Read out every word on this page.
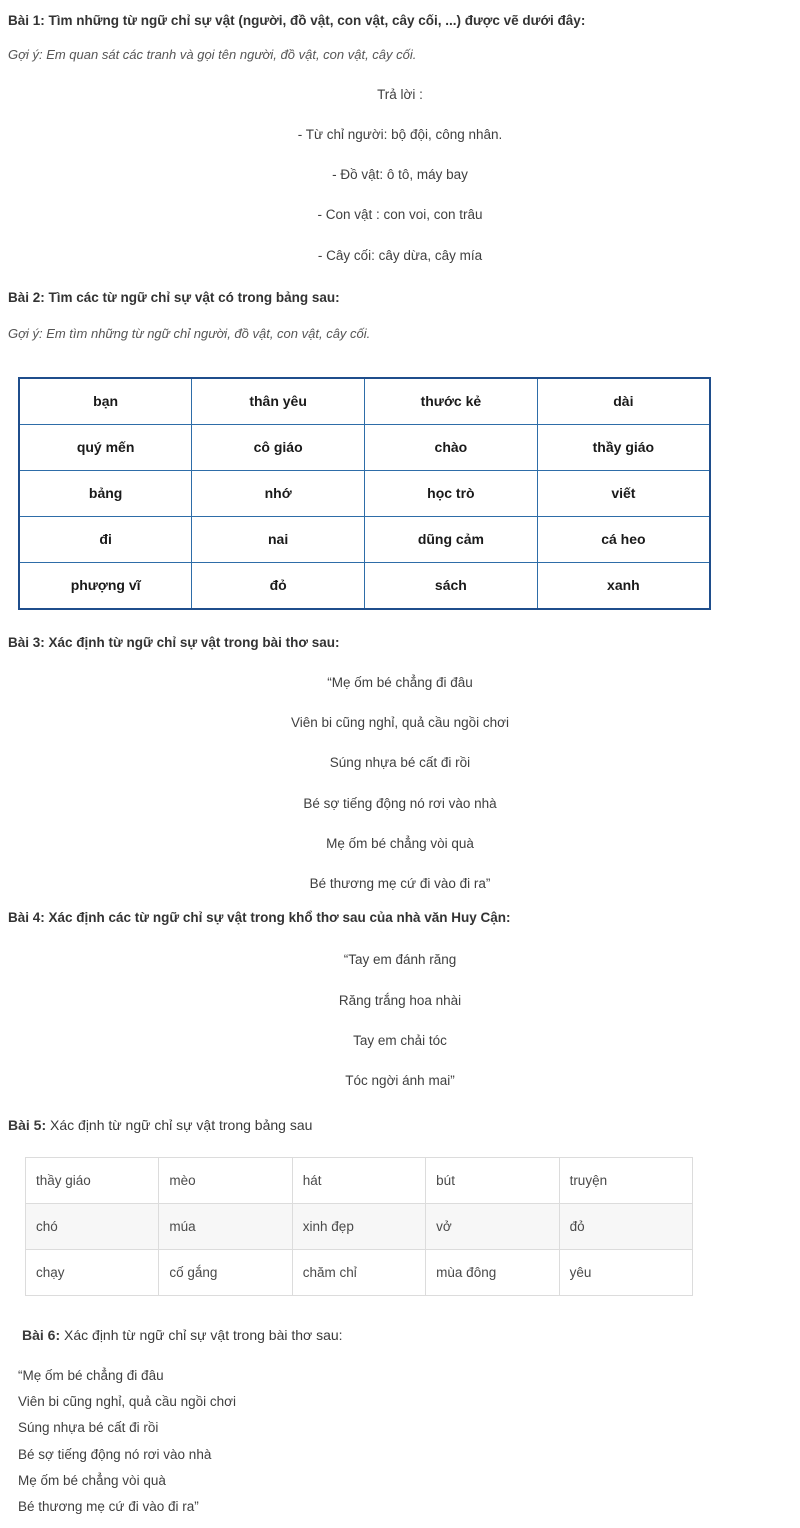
Bài 1: Tìm những từ ngữ chỉ sự vật (người, đồ vật, con vật, cây cối, ...) được vẽ dưới đây:

Gợi ý: Em quan sát các tranh và gọi tên người, đồ vật, con vật, cây cối.

Trả lời :

- Từ chỉ người: bộ đội, công nhân.

- Đồ vật: ô tô, máy bay

- Con vật : con voi, con trâu

- Cây cối: cây dừa, cây mía

Bài 2: Tìm các từ ngữ chỉ sự vật có trong bảng sau:

Gợi ý: Em tìm những từ ngữ chỉ người, đồ vật, con vật, cây cối.

bạn	thân yêu	thước kẻ	dài
quý mến	cô giáo	chào	thầy giáo
bảng	nhớ	học trò	viết
đi	nai	dũng cảm	cá heo
phượng vĩ	đỏ	sách	xanh

Bài 3: Xác định từ ngữ chỉ sự vật trong bài thơ sau:

“Mẹ ốm bé chẳng đi đâu

Viên bi cũng nghỉ, quả cầu ngồi chơi

Súng nhựa bé cất đi rồi

Bé sợ tiếng động nó rơi vào nhà

Mẹ ốm bé chẳng vòi quà

Bé thương mẹ cứ đi vào đi ra”

Bài 4: Xác định các từ ngữ chỉ sự vật trong khổ thơ sau của nhà văn Huy Cận:

“Tay em đánh răng

Răng trắng hoa nhài

Tay em chải tóc

Tóc ngời ánh mai”

Bài 5: Xác định từ ngữ chỉ sự vật trong bảng sau

thầy giáo	mèo	hát	bút	truyện
chó	múa	xinh đẹp	vở	đỏ
chạy	cố gắng	chăm chỉ	mùa đông	yêu

Bài 6: Xác định từ ngữ chỉ sự vật trong bài thơ sau:

“Mẹ ốm bé chẳng đi đâu

Viên bi cũng nghỉ, quả cầu ngồi chơi

Súng nhựa bé cất đi rồi

Bé sợ tiếng động nó rơi vào nhà

Mẹ ốm bé chẳng vòi quà

Bé thương mẹ cứ đi vào đi ra”
